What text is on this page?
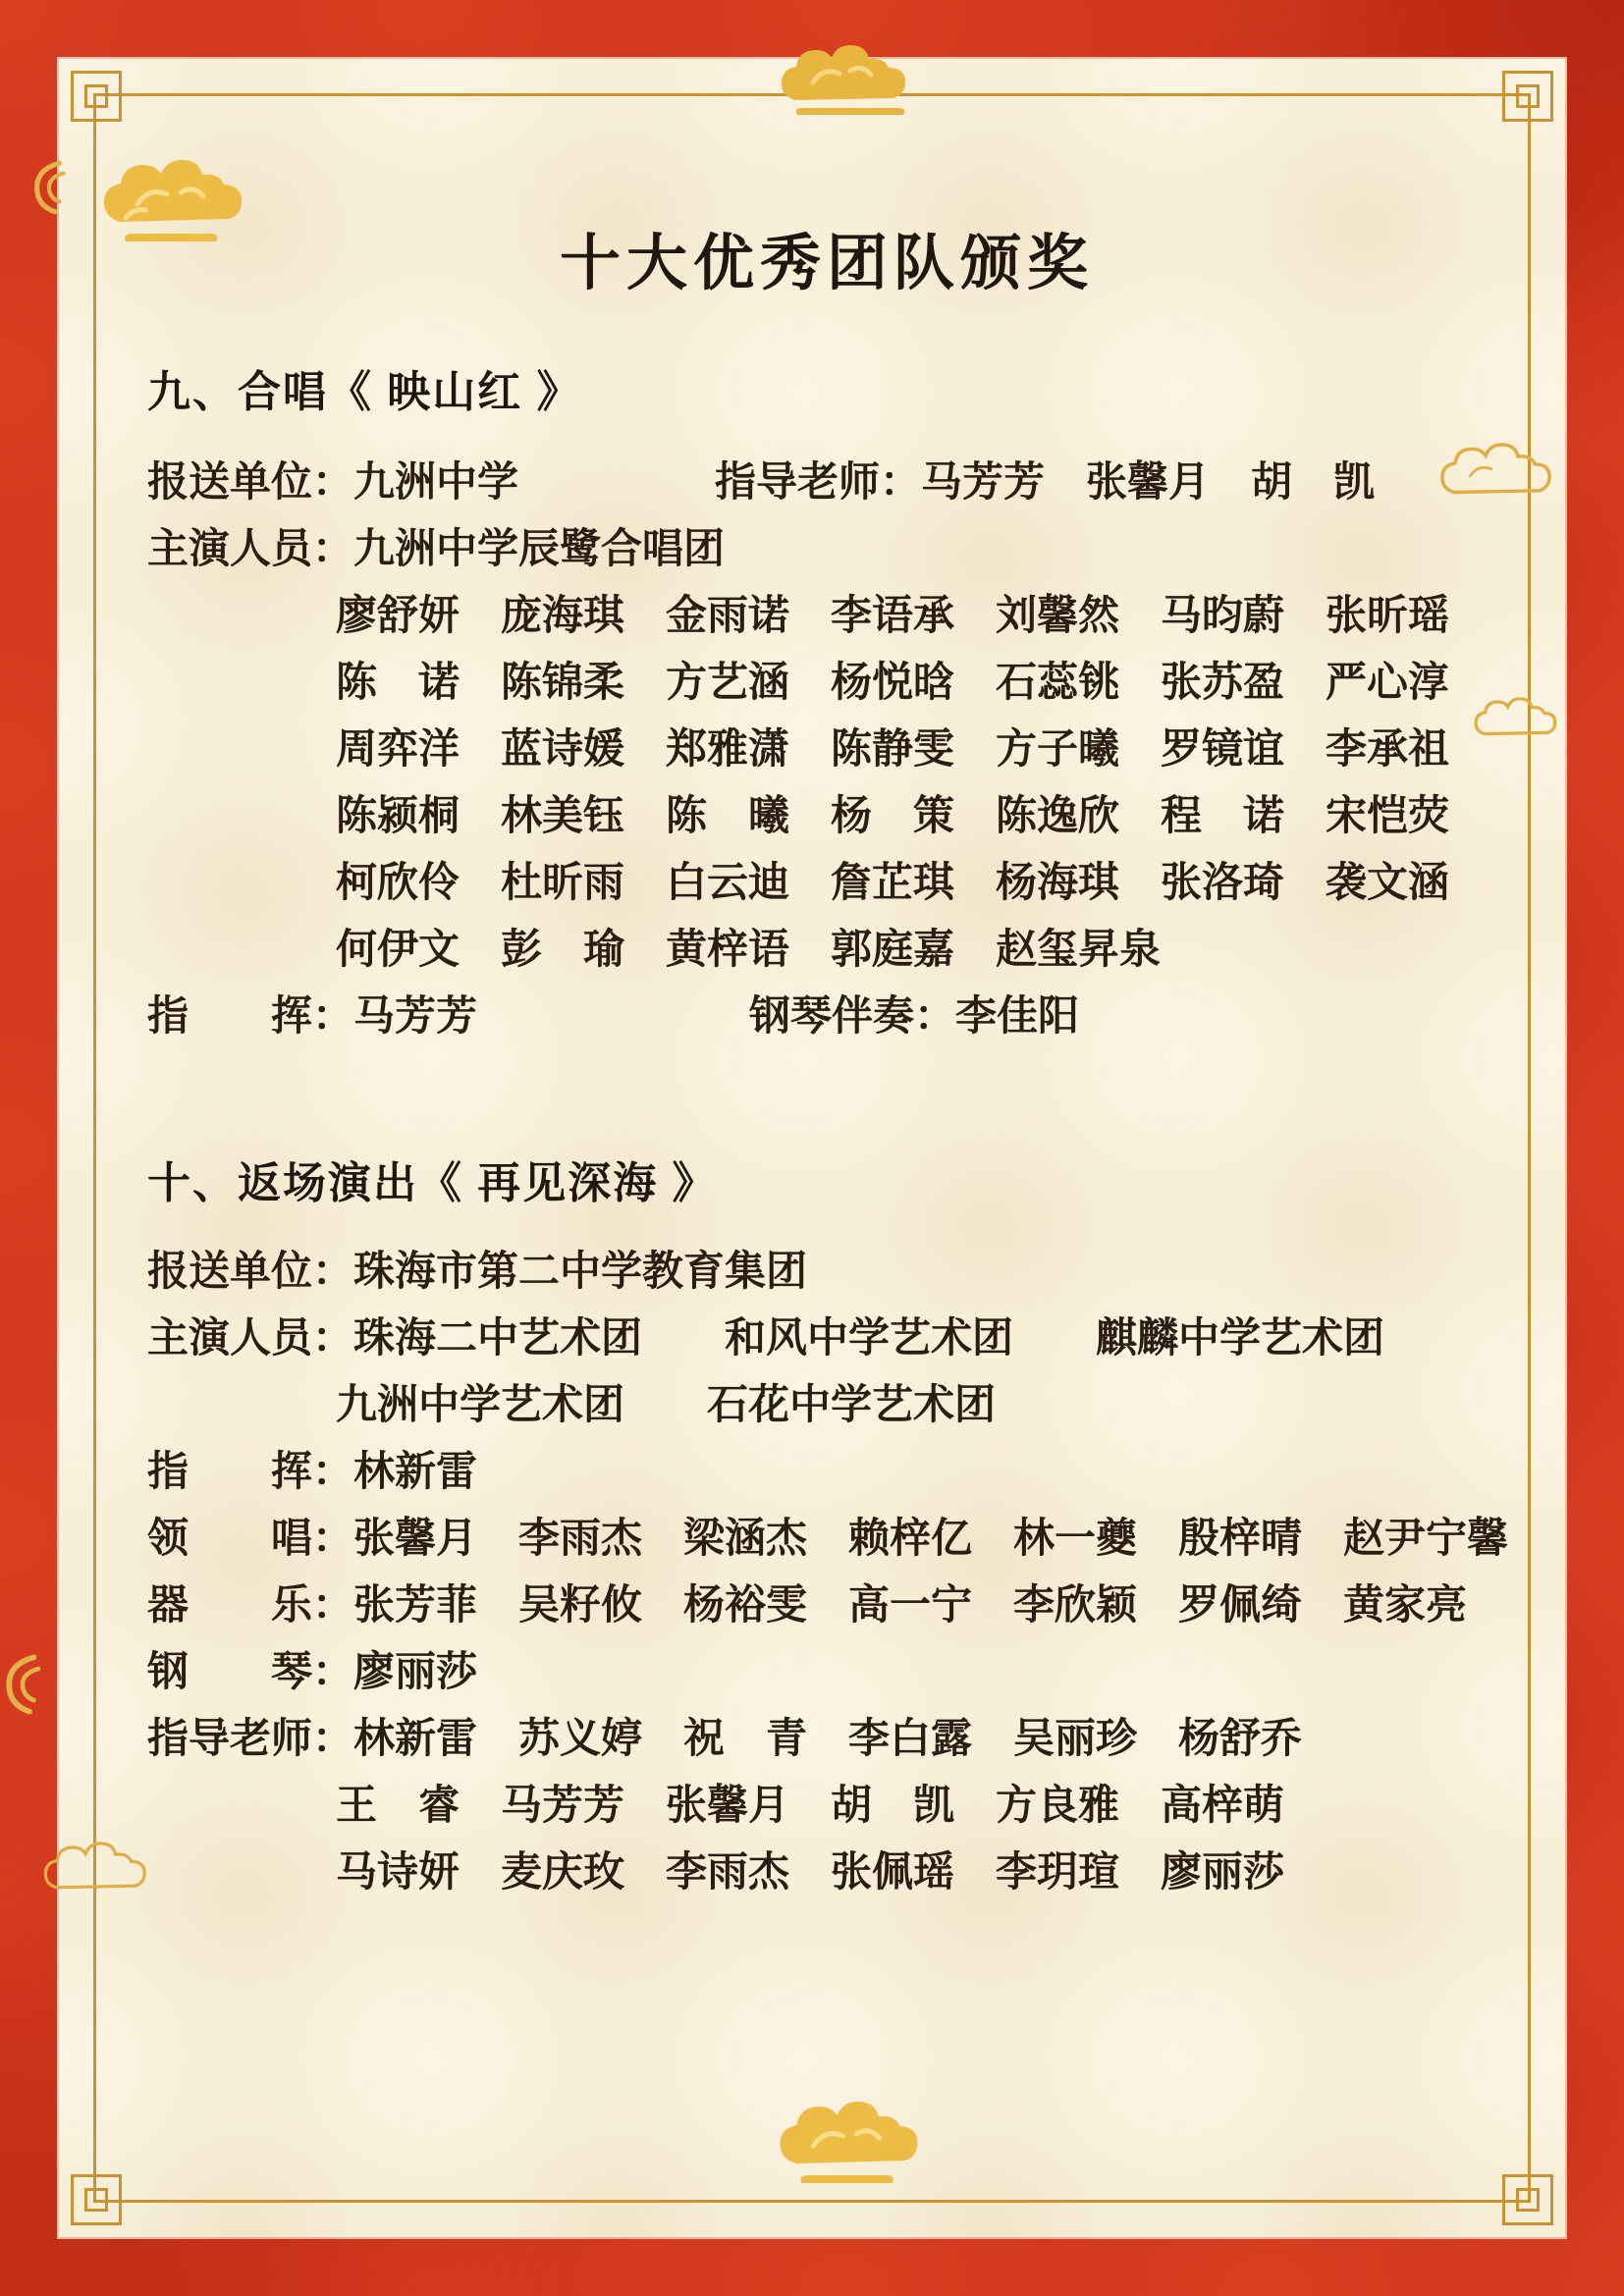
十大优秀团队颁奖
九、合唱《 映山红 》
报送单位： 九洲中学	指导老师： 马芳芳　张馨月　胡　凯
主演人员： 九洲中学辰鹭合唱团
廖舒妍　庞海琪　金雨诺　李语承　刘馨然　马昀蔚　张昕瑶
陈　诺　陈锦柔　方艺涵　杨悦晗　石蕊铫　张苏盈　严心淳
周弈洋　蓝诗媛　郑雅潇　陈静雯　方子曦　罗镜谊　李承祖
陈颍桐　林美钰　陈　曦　杨　策　陈逸欣　程　诺　宋恺荧
柯欣伶　杜昕雨　白云迪　詹芷琪　杨海琪　张洛琦　袭文涵
何伊文　彭　瑜　黄梓语　郭庭嘉　赵玺昇泉
指　　挥： 马芳芳	钢琴伴奏： 李佳阳
十、返场演出《 再见深海 》
报送单位： 珠海市第二中学教育集团
主演人员： 珠海二中艺术团　　和风中学艺术团　　麒麟中学艺术团
九洲中学艺术团　　石花中学艺术团
指　　挥： 林新雷
领　　唱： 张馨月　李雨杰　梁涵杰　赖梓亿　林一夔　殷梓晴　赵尹宁馨
器　　乐： 张芳菲　吴籽攸　杨裕雯　高一宁　李欣颖　罗佩绮　黄家亮
钢　　琴： 廖丽莎
指导老师： 林新雷　苏义婷　祝　青　李白露　吴丽珍　杨舒乔
王　睿　马芳芳　张馨月　胡　凯　方良雅　高梓萌
马诗妍　麦庆玫　李雨杰　张佩瑶　李玥瑄　廖丽莎
